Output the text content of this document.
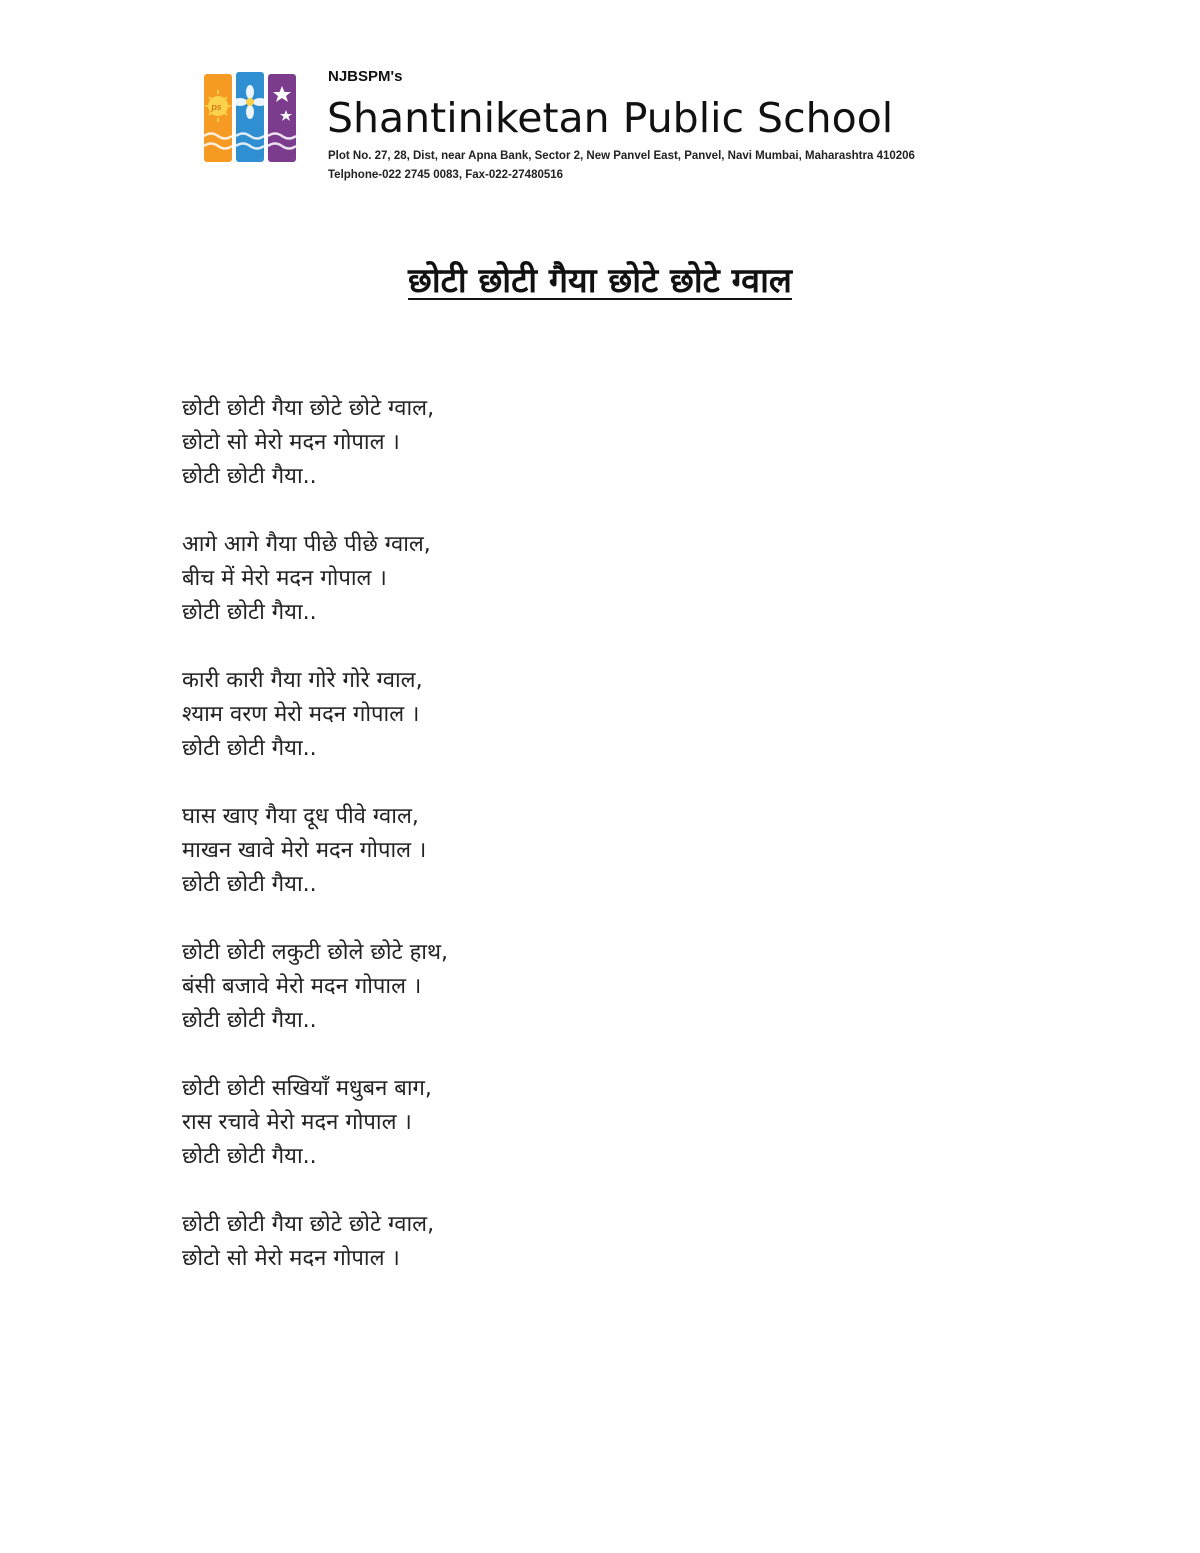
ps
NJBSPM's
Shantiniketan Public School
Plot No. 27, 28, Dist, near Apna Bank, Sector 2, New Panvel East, Panvel, Navi Mumbai, Maharashtra 410206
Telphone-022 2745 0083, Fax-022-27480516
छोटी छोटी गैया छोटे छोटे ग्वाल
छोटी छोटी गैया छोटे छोटे ग्वाल,
छोटो सो मेरो मदन गोपाल ।
छोटी छोटी गैया..
आगे आगे गैया पीछे पीछे ग्वाल,
बीच में मेरो मदन गोपाल ।
छोटी छोटी गैया..
कारी कारी गैया गोरे गोरे ग्वाल,
श्याम वरण मेरो मदन गोपाल ।
छोटी छोटी गैया..
घास खाए गैया दूध पीवे ग्वाल,
माखन खावे मेरो मदन गोपाल ।
छोटी छोटी गैया..
छोटी छोटी लकुटी छोले छोटे हाथ,
बंसी बजावे मेरो मदन गोपाल ।
छोटी छोटी गैया..
छोटी छोटी सखियाँ मधुबन बाग,
रास रचावे मेरो मदन गोपाल ।
छोटी छोटी गैया..
छोटी छोटी गैया छोटे छोटे ग्वाल,
छोटो सो मेरो मदन गोपाल ।
